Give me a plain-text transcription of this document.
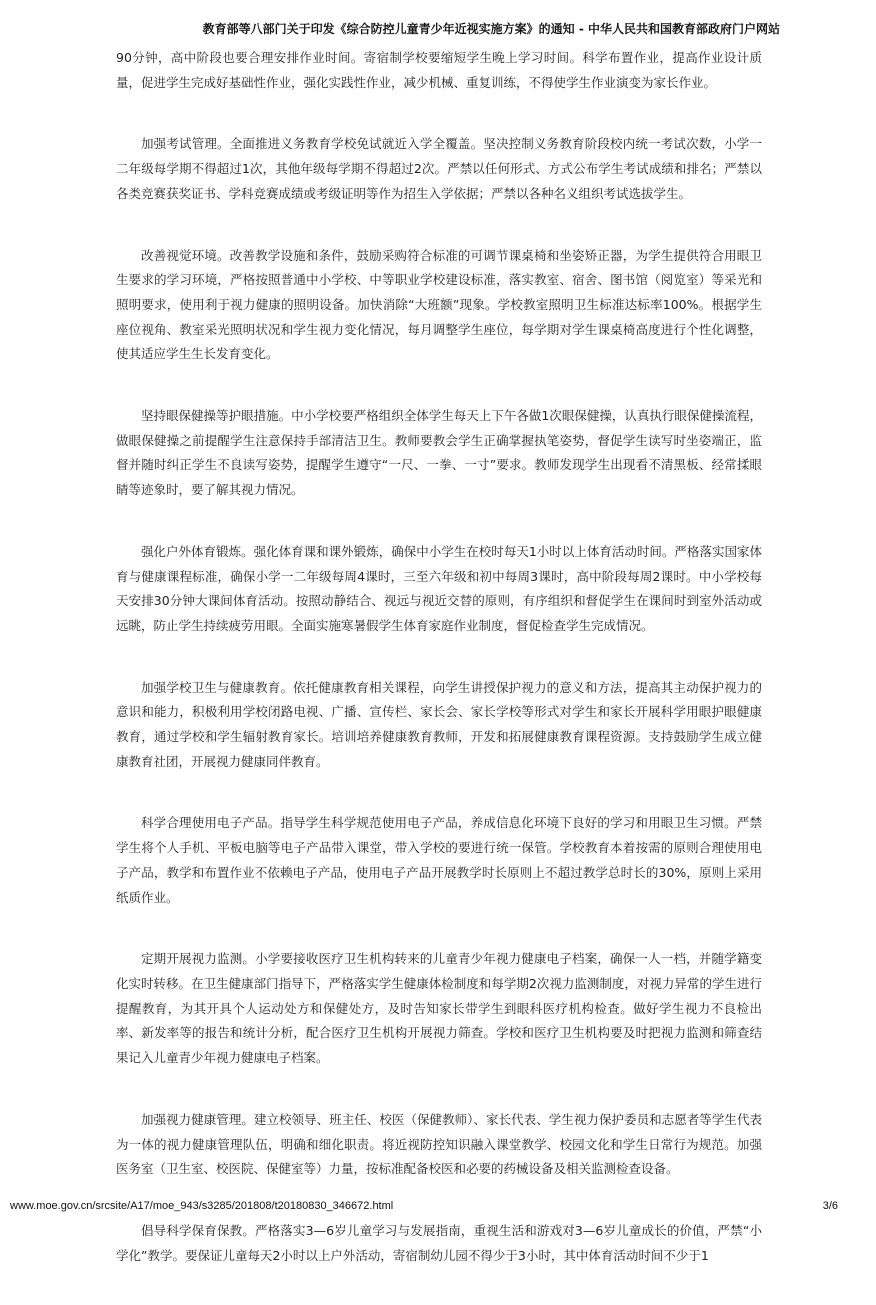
教育部等八部门关于印发《综合防控儿童青少年近视实施方案》的通知 - 中华人民共和国教育部政府门户网站

90分钟，高中阶段也要合理安排作业时间。寄宿制学校要缩短学生晚上学习时间。科学布置作业，提高作业设计质量，促进学生完成好基础性作业，强化实践性作业，减少机械、重复训练，不得使学生作业演变为家长作业。

加强考试管理。全面推进义务教育学校免试就近入学全覆盖。坚决控制义务教育阶段校内统一考试次数，小学一二年级每学期不得超过1次，其他年级每学期不得超过2次。严禁以任何形式、方式公布学生考试成绩和排名；严禁以各类竞赛获奖证书、学科竞赛成绩或考级证明等作为招生入学依据；严禁以各种名义组织考试选拔学生。

改善视觉环境。改善教学设施和条件，鼓励采购符合标准的可调节课桌椅和坐姿矫正器，为学生提供符合用眼卫生要求的学习环境，严格按照普通中小学校、中等职业学校建设标准，落实教室、宿舍、图书馆（阅览室）等采光和照明要求，使用利于视力健康的照明设备。加快消除“大班额”现象。学校教室照明卫生标准达标率100%。根据学生座位视角、教室采光照明状况和学生视力变化情况，每月调整学生座位，每学期对学生课桌椅高度进行个性化调整，使其适应学生生长发育变化。

坚持眼保健操等护眼措施。中小学校要严格组织全体学生每天上下午各做1次眼保健操，认真执行眼保健操流程，做眼保健操之前提醒学生注意保持手部清洁卫生。教师要教会学生正确掌握执笔姿势，督促学生读写时坐姿端正，监督并随时纠正学生不良读写姿势，提醒学生遵守“一尺、一拳、一寸”要求。教师发现学生出现看不清黑板、经常揉眼睛等迹象时，要了解其视力情况。

强化户外体育锻炼。强化体育课和课外锻炼，确保中小学生在校时每天1小时以上体育活动时间。严格落实国家体育与健康课程标准，确保小学一二年级每周4课时，三至六年级和初中每周3课时，高中阶段每周2课时。中小学校每天安排30分钟大课间体育活动。按照动静结合、视远与视近交替的原则，有序组织和督促学生在课间时到室外活动或远眺，防止学生持续疲劳用眼。全面实施寒暑假学生体育家庭作业制度，督促检查学生完成情况。

加强学校卫生与健康教育。依托健康教育相关课程，向学生讲授保护视力的意义和方法，提高其主动保护视力的意识和能力，积极利用学校闭路电视、广播、宣传栏、家长会、家长学校等形式对学生和家长开展科学用眼护眼健康教育，通过学校和学生辐射教育家长。培训培养健康教育教师，开发和拓展健康教育课程资源。支持鼓励学生成立健康教育社团，开展视力健康同伴教育。

科学合理使用电子产品。指导学生科学规范使用电子产品，养成信息化环境下良好的学习和用眼卫生习惯。严禁学生将个人手机、平板电脑等电子产品带入课堂，带入学校的要进行统一保管。学校教育本着按需的原则合理使用电子产品，教学和布置作业不依赖电子产品，使用电子产品开展教学时长原则上不超过教学总时长的30%，原则上采用纸质作业。

定期开展视力监测。小学要接收医疗卫生机构转来的儿童青少年视力健康电子档案，确保一人一档，并随学籍变化实时转移。在卫生健康部门指导下，严格落实学生健康体检制度和每学期2次视力监测制度，对视力异常的学生进行提醒教育，为其开具个人运动处方和保健处方，及时告知家长带学生到眼科医疗机构检查。做好学生视力不良检出率、新发率等的报告和统计分析，配合医疗卫生机构开展视力筛查。学校和医疗卫生机构要及时把视力监测和筛查结果记入儿童青少年视力健康电子档案。

加强视力健康管理。建立校领导、班主任、校医（保健教师）、家长代表、学生视力保护委员和志愿者等学生代表为一体的视力健康管理队伍，明确和细化职责。将近视防控知识融入课堂教学、校园文化和学生日常行为规范。加强医务室（卫生室、校医院、保健室等）力量，按标准配备校医和必要的药械设备及相关监测检查设备。

倡导科学保育保教。严格落实3—6岁儿童学习与发展指南，重视生活和游戏对3—6岁儿童成长的价值，严禁“小学化”教学。要保证儿童每天2小时以上户外活动，寄宿制幼儿园不得少于3小时，其中体育活动时间不少于1

www.moe.gov.cn/srcsite/A17/moe_943/s3285/201808/t20180830_346672.html	3/6
